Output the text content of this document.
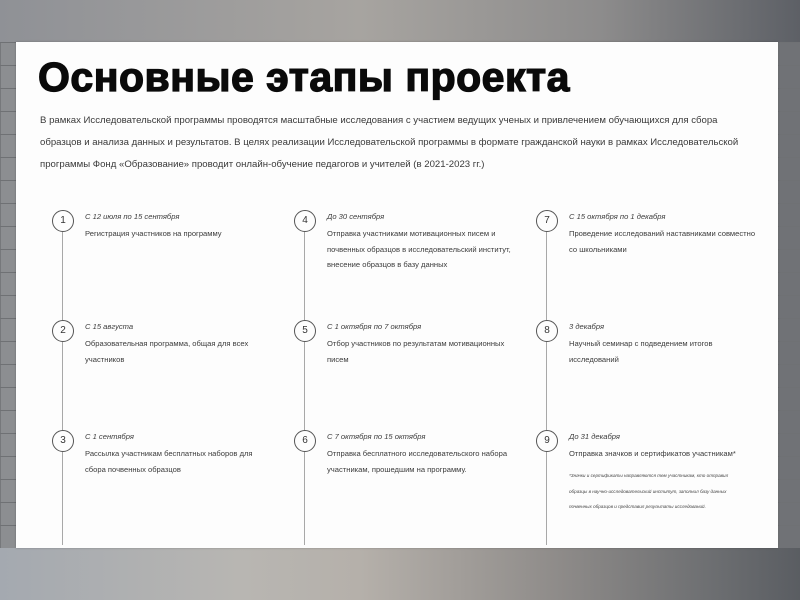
Основные этапы проекта

В рамках Исследовательской программы проводятся масштабные исследования с участием ведущих ученых и привлечением обучающихся для сбора образцов и анализа данных и результатов. В целях реализации Исследовательской программы в формате гражданской науки в рамках Исследовательской программы Фонд «Образование» проводит онлайн-обучение педагогов и учителей (в 2021-2023 гг.)

1	С 12 июля по 15 сентября
Регистрация участников на программу
2	С 15 августа
Образовательная программа, общая для всех участников
3	С 1 сентября
Рассылка участникам бесплатных наборов для сбора почвенных образцов
4	До 30 сентября
Отправка участниками мотивационных писем и почвенных образцов в исследовательский институт, внесение образцов в базу данных
5	С 1 октября по 7 октября
Отбор участников по результатам мотивационных писем
6	С 7 октября по 15 октября
Отправка бесплатного исследовательского набора участникам, прошедшим на программу.
7	С 15 октября по 1 декабря
Проведение исследований наставниками совместно со школьниками
8	3 декабря
Научный семинар с подведением итогов исследований
9	До 31 декабря
Отправка значков и сертификатов участникам*
*Значки и сертификаты направляются тем участникам, кто отправил образцы в научно-исследовательский институт, заполнил базу данных почвенных образцов и представил результаты исследований.
